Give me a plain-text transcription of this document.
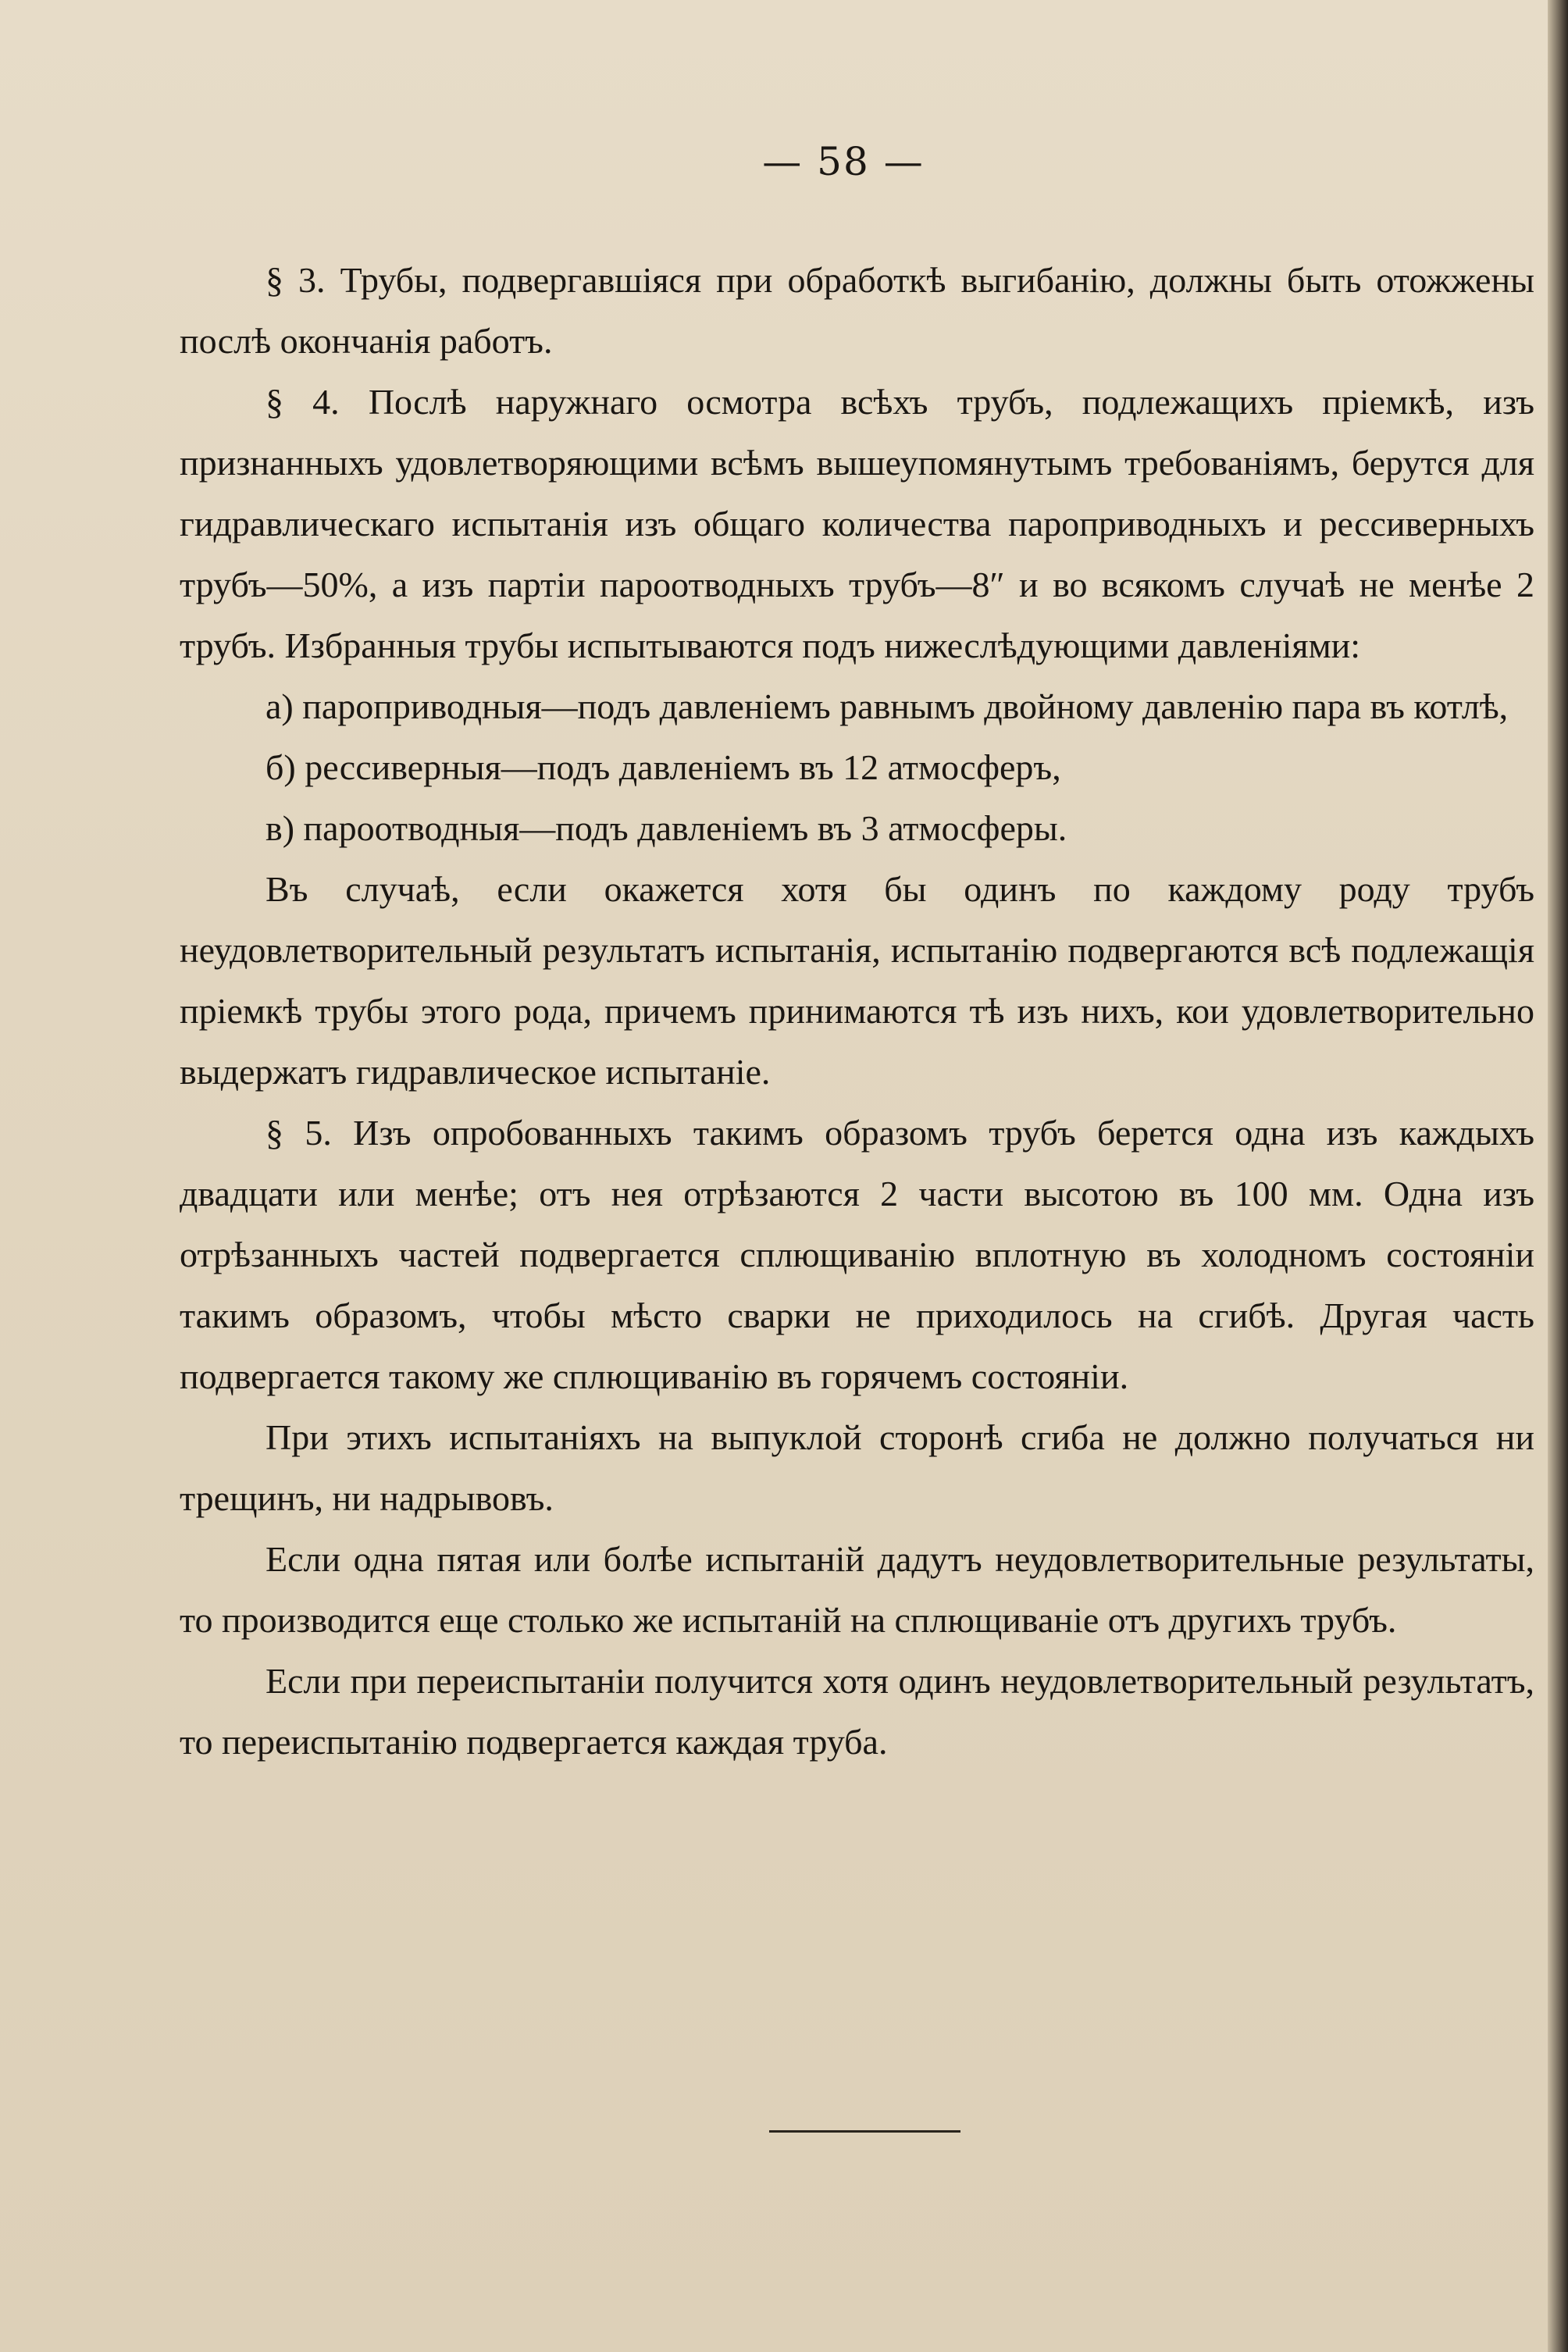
— 58 —

§ 3. Трубы, подвергавшіяся при обработкѣ выгибанію, должны быть отожжены послѣ окончанія работъ.

§ 4. Послѣ наружнаго осмотра всѣхъ трубъ, подлежащихъ пріемкѣ, изъ признанныхъ удовлетворяющими всѣмъ вышеупомянутымъ требованіямъ, берутся для гидравлическаго испытанія изъ общаго количества пароприводныхъ и рессиверныхъ трубъ—50%, а изъ партіи пароотводныхъ трубъ—8″ и во всякомъ случаѣ не менѣе 2 трубъ. Избранныя трубы испытываются подъ нижеслѣдующими давленіями:

а) пароприводныя—подъ давленіемъ равнымъ двойному давленію пара въ котлѣ,

б) рессиверныя—подъ давленіемъ въ 12 атмосферъ,

в) пароотводныя—подъ давленіемъ въ 3 атмосферы.

Въ случаѣ, если окажется хотя бы одинъ по каждому роду трубъ неудовлетворительный результатъ испытанія, испытанію подвергаются всѣ подлежащія пріемкѣ трубы этого рода, причемъ принимаются тѣ изъ нихъ, кои удовлетворительно выдержатъ гидравлическое испытаніе.

§ 5. Изъ опробованныхъ такимъ образомъ трубъ берется одна изъ каждыхъ двадцати или менѣе; отъ нея отрѣзаются 2 части высотою въ 100 мм. Одна изъ отрѣзанныхъ частей подвергается сплющиванію вплотную въ холодномъ состояніи такимъ образомъ, чтобы мѣсто сварки не приходилось на сгибѣ. Другая часть подвергается такому же сплющиванію въ горячемъ состояніи.

При этихъ испытаніяхъ на выпуклой сторонѣ сгиба не должно получаться ни трещинъ, ни надрывовъ.

Если одна пятая или болѣе испытаній дадутъ неудовлетворительные результаты, то производится еще столько же испытаній на сплющиваніе отъ другихъ трубъ.

Если при переиспытаніи получится хотя одинъ неудовлетворительный результатъ, то переиспытанію подвергается каждая труба.
